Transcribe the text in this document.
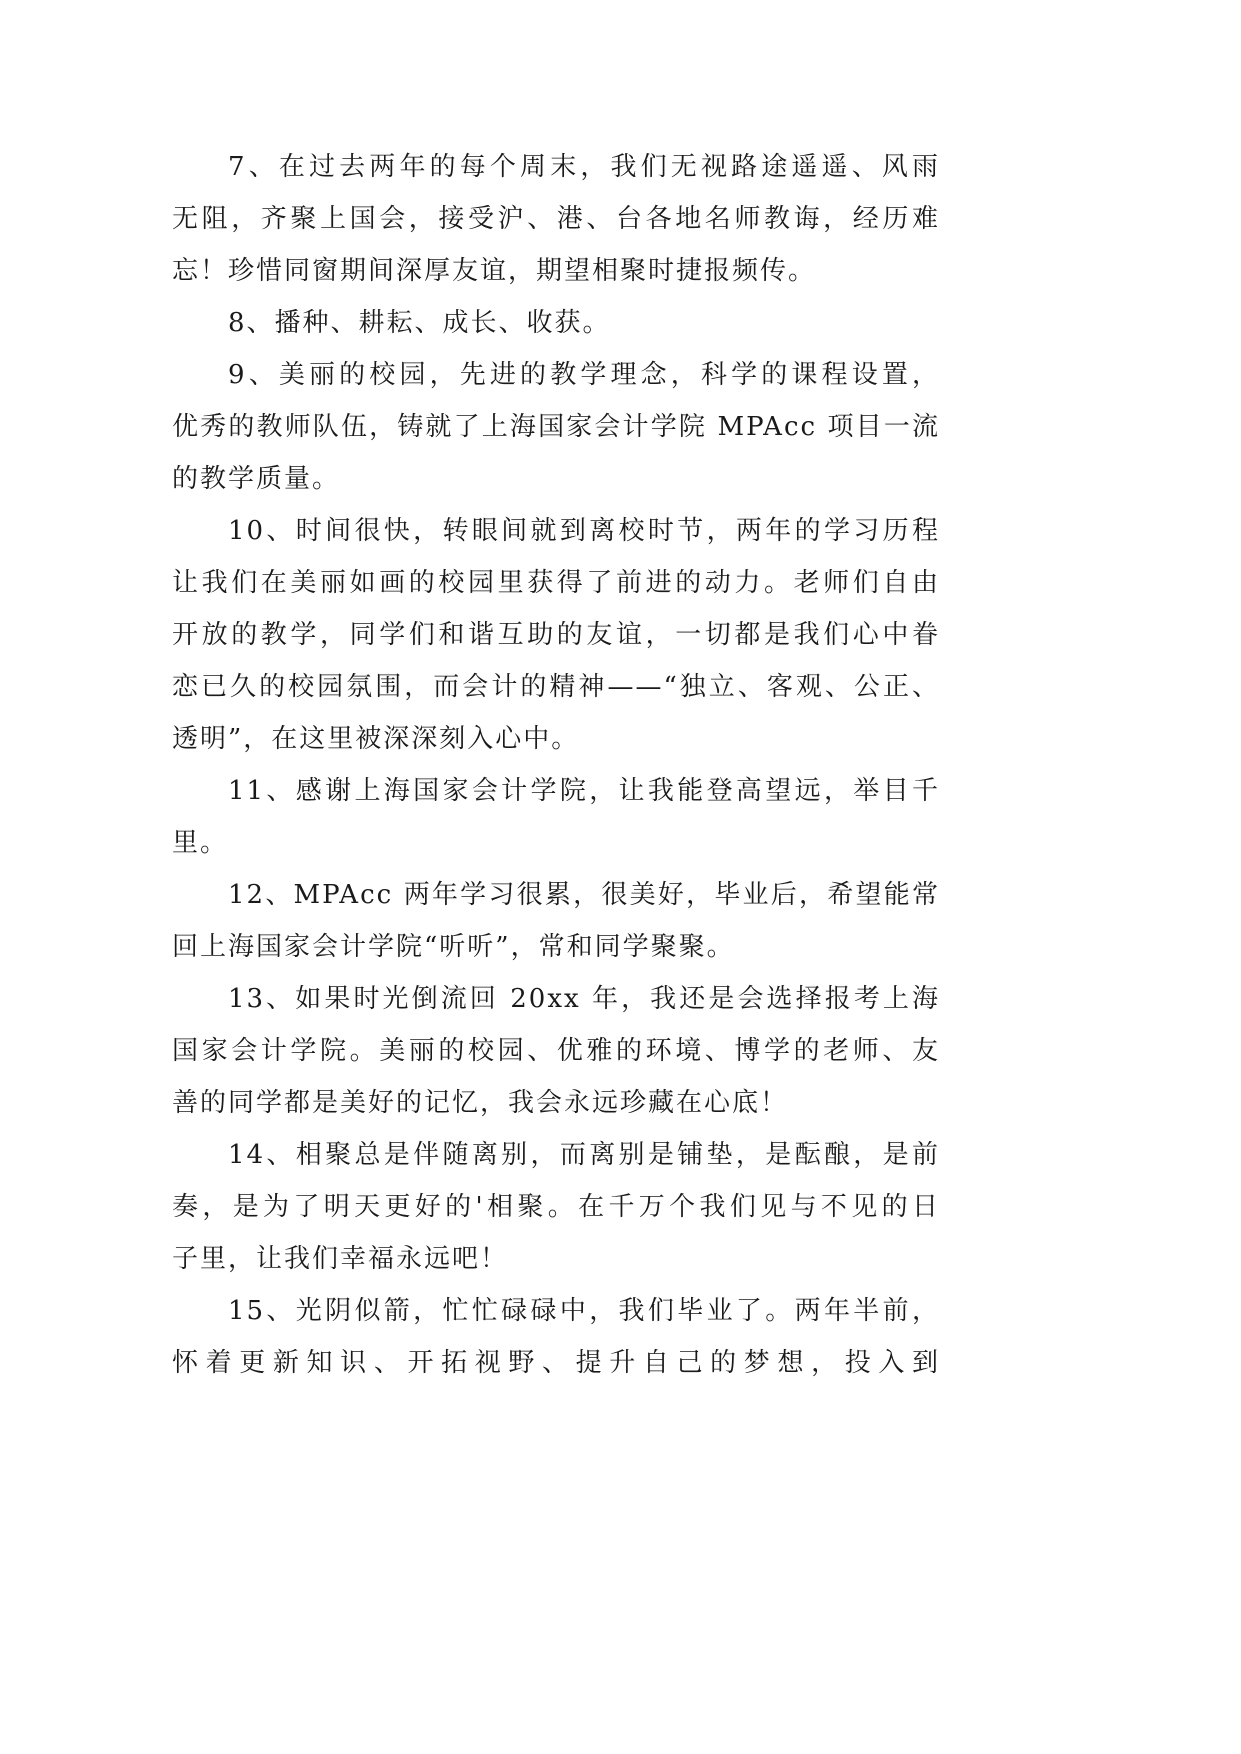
7、在过去两年的每个周末，我们无视路途遥遥、风雨
无阻，齐聚上国会，接受沪、港、台各地名师教诲，经历难
忘！珍惜同窗期间深厚友谊，期望相聚时捷报频传。
8、播种、耕耘、成长、收获。
9、美丽的校园，先进的教学理念，科学的课程设置，
优秀的教师队伍，铸就了上海国家会计学院 MPAcc 项目一流
的教学质量。
10、时间很快，转眼间就到离校时节，两年的学习历程
让我们在美丽如画的校园里获得了前进的动力。老师们自由
开放的教学，同学们和谐互助的友谊，一切都是我们心中眷
恋已久的校园氛围，而会计的精神——“独立、客观、公正、
透明”，在这里被深深刻入心中。
11、感谢上海国家会计学院，让我能登高望远，举目千
里。
12、MPAcc 两年学习很累，很美好，毕业后，希望能常
回上海国家会计学院“听听”，常和同学聚聚。
13、如果时光倒流回 20xx 年，我还是会选择报考上海
国家会计学院。美丽的校园、优雅的环境、博学的老师、友
善的同学都是美好的记忆，我会永远珍藏在心底！
14、相聚总是伴随离别，而离别是铺垫，是酝酿，是前
奏，是为了明天更好的'相聚。在千万个我们见与不见的日
子里，让我们幸福永远吧！
15、光阴似箭，忙忙碌碌中，我们毕业了。两年半前，
怀着更新知识、开拓视野、提升自己的梦想，投入到
